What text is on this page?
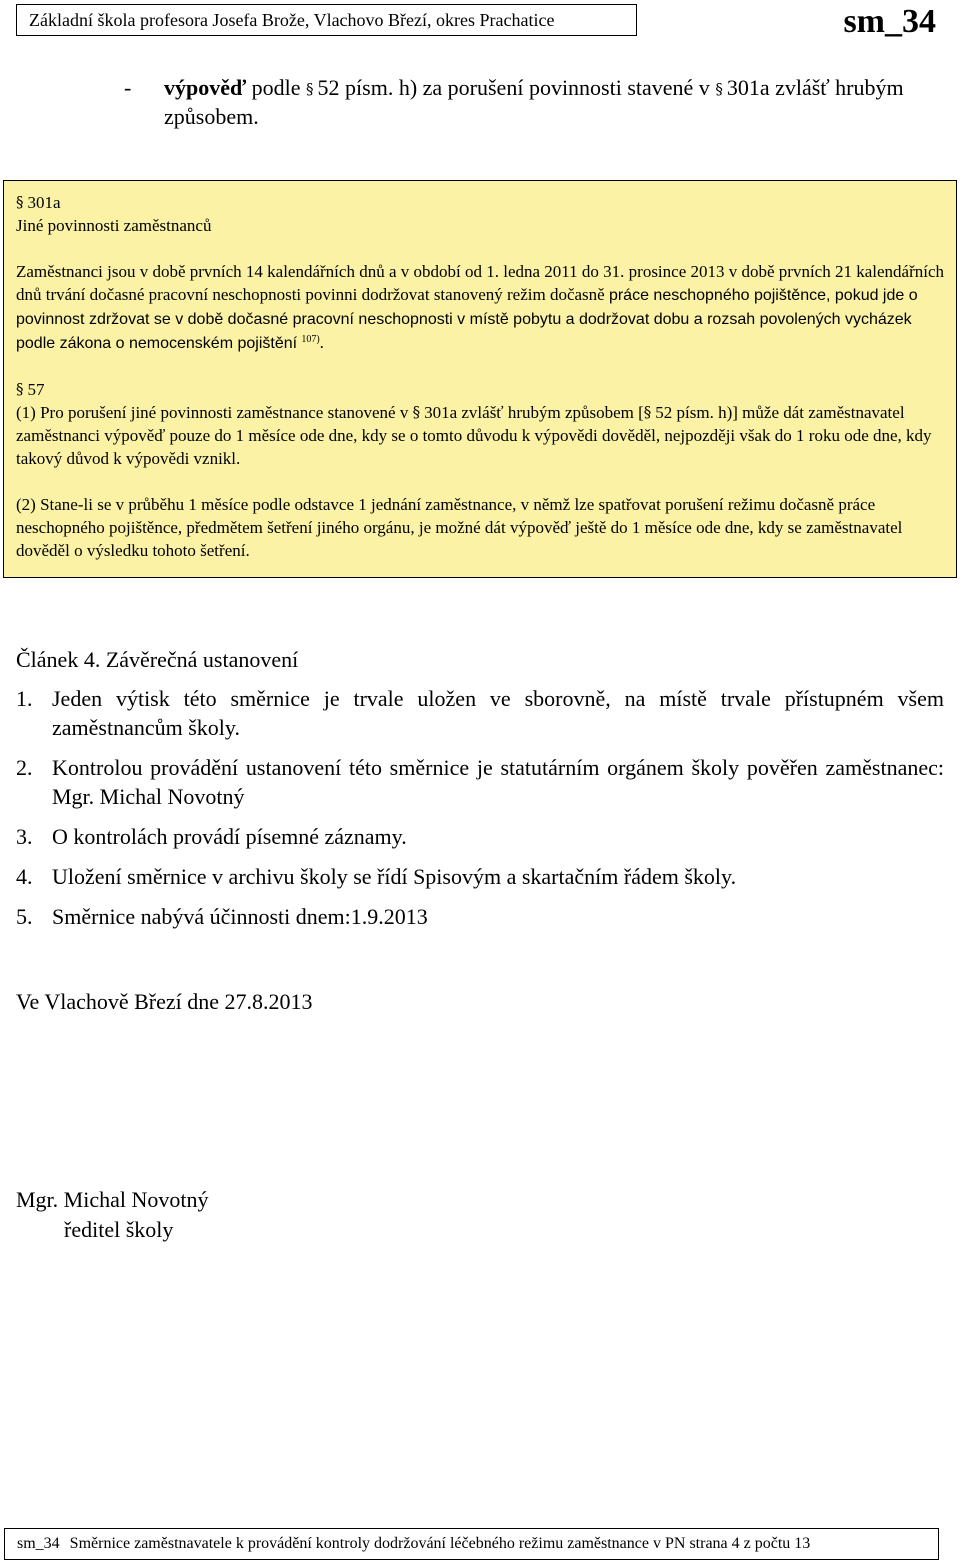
Základní škola profesora Josefa Brože, Vlachovo Březí, okres Prachatice	sm_34
- výpověď podle § 52 písm. h) za porušení povinnosti stavené v § 301a zvlášť hrubým způsobem.

§ 301a

Jiné povinnosti zaměstnanců

Zaměstnanci jsou v době prvních 14 kalendářních dnů a v období od 1. ledna 2011 do 31. prosince 2013 v době prvních 21 kalendářních dnů trvání dočasné pracovní neschopnosti povinni dodržovat stanovený režim dočasně práce neschopného pojištěnce, pokud jde o povinnost zdržovat se v době dočasné pracovní neschopnosti v místě pobytu a dodržovat dobu a rozsah povolených vycházek podle zákona o nemocenském pojištění $^{107)}$.

§ 57

(1) Pro porušení jiné povinnosti zaměstnance stanovené v § 301a zvlášť hrubým způsobem [§ 52 písm. h)] může dát zaměstnavatel zaměstnanci výpověď pouze do 1 měsíce ode dne, kdy se o tomto důvodu k výpovědi dověděl, nejpozději však do 1 roku ode dne, kdy takový důvod k výpovědi vznikl.

(2) Stane-li se v průběhu 1 měsíce podle odstavce 1 jednání zaměstnance, v němž lze spatřovat porušení režimu dočasně práce neschopného pojištěnce, předmětem šetření jiného orgánu, je možné dát výpověď ještě do 1 měsíce ode dne, kdy se zaměstnavatel dověděl o výsledku tohoto šetření.

Článek 4. Závěrečná ustanovení
1. Jeden výtisk této směrnice je trvale uložen ve sborovně, na místě trvale přístupném všem zaměstnancům školy.
2. Kontrolou provádění ustanovení této směrnice je statutárním orgánem školy pověřen zaměstnanec: Mgr. Michal Novotný
3. O kontrolách provádí písemné záznamy.
4. Uložení směrnice v archivu školy se řídí Spisovým a skartačním řádem školy.
5. Směrnice nabývá účinnosti dnem:1.9.2013
Ve Vlachově Březí dne 27.8.2013
Mgr. Michal Novotný
ředitel školy
sm_34 Směrnice zaměstnavatele k provádění kontroly dodržování léčebného režimu zaměstnance v PN strana 4 z počtu 13
